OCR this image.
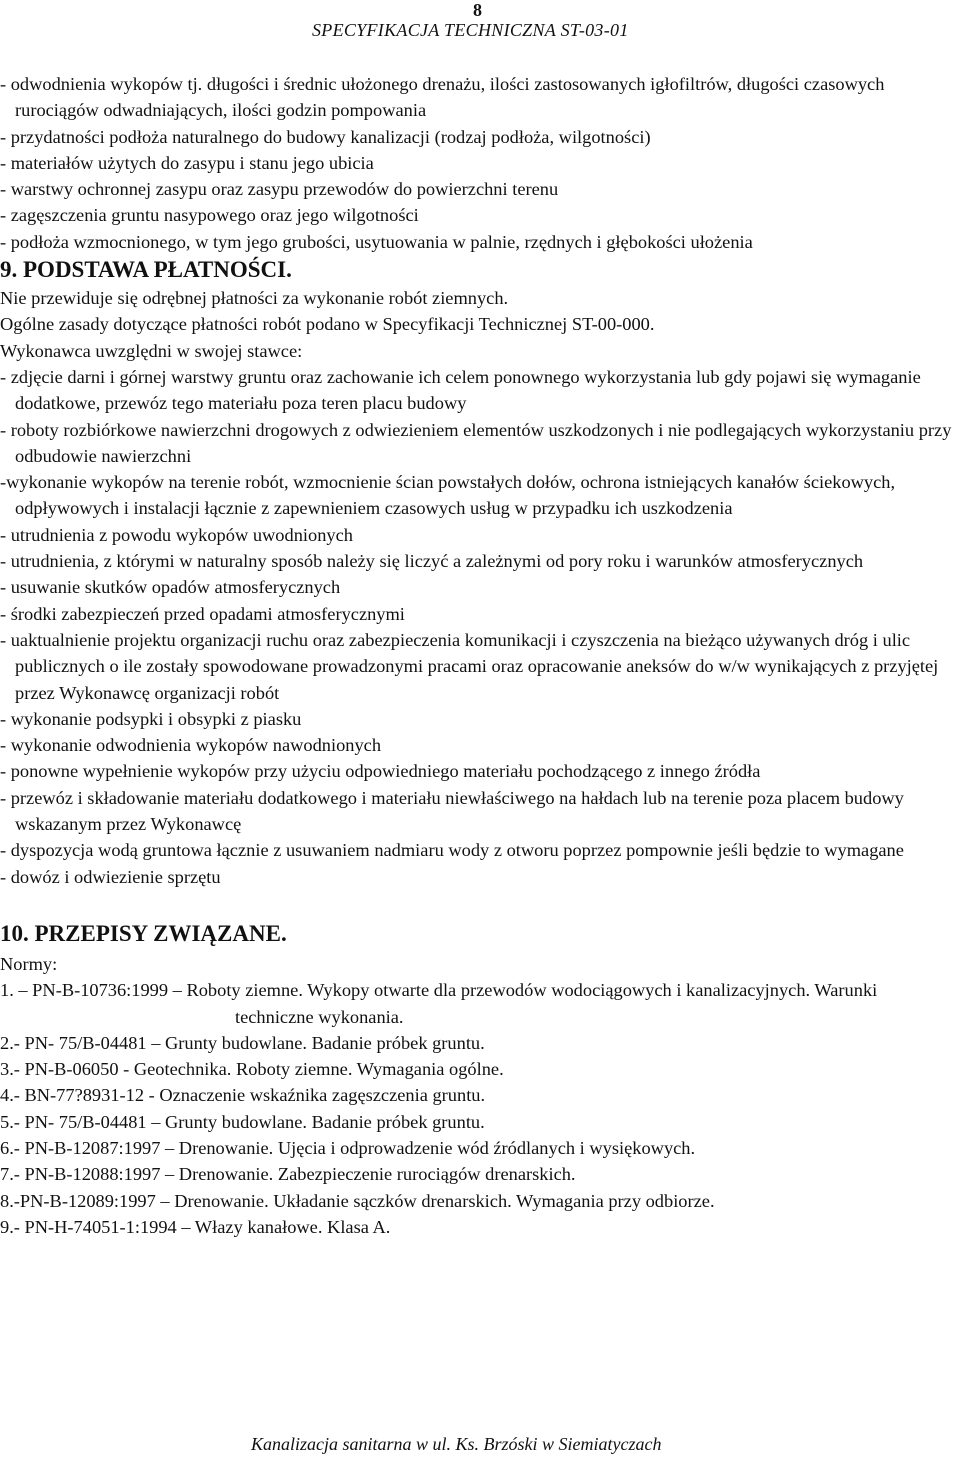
8
SPECYFIKACJA TECHNICZNA ST-03-01

- odwodnienia wykopów tj. długości i średnic ułożonego drenażu, ilości zastosowanych igłofiltrów, długości czasowych rurociągów odwadniających, ilości godzin pompowania

- przydatności podłoża naturalnego do budowy kanalizacji (rodzaj podłoża, wilgotności)

- materiałów użytych do zasypu i stanu jego ubicia

- warstwy ochronnej zasypu oraz zasypu przewodów do powierzchni terenu

- zagęszczenia gruntu nasypowego oraz jego wilgotności

- podłoża wzmocnionego, w tym jego grubości, usytuowania w palnie, rzędnych i głębokości ułożenia

9. PODSTAWA PŁATNOŚCI.

Nie przewiduje się odrębnej płatności za wykonanie robót ziemnych.

Ogólne zasady dotyczące płatności robót podano w Specyfikacji Technicznej ST-00-000.

Wykonawca uwzględni w swojej stawce:

- zdjęcie darni i górnej warstwy gruntu oraz zachowanie ich celem ponownego wykorzystania lub gdy pojawi się wymaganie dodatkowe, przewóz tego materiału poza teren placu budowy

- roboty rozbiórkowe nawierzchni drogowych z odwiezieniem elementów uszkodzonych i nie podlegających wykorzystaniu przy odbudowie nawierzchni

-wykonanie wykopów na terenie robót, wzmocnienie ścian powstałych dołów, ochrona istniejących kanałów ściekowych, odpływowych i instalacji łącznie z zapewnieniem czasowych usług w przypadku ich uszkodzenia

- utrudnienia z powodu wykopów uwodnionych

- utrudnienia, z którymi w naturalny sposób należy się liczyć a zależnymi od pory roku i warunków atmosferycznych

- usuwanie skutków opadów atmosferycznych

- środki zabezpieczeń przed opadami atmosferycznymi

- uaktualnienie projektu organizacji ruchu oraz zabezpieczenia komunikacji i czyszczenia na bieżąco używanych dróg i ulic publicznych o ile zostały spowodowane prowadzonymi pracami oraz opracowanie aneksów do w/w wynikających z przyjętej przez Wykonawcę organizacji robót

- wykonanie podsypki i obsypki z piasku

- wykonanie odwodnienia wykopów nawodnionych

- ponowne wypełnienie wykopów przy użyciu odpowiedniego materiału pochodzącego z innego źródła

- przewóz i składowanie materiału dodatkowego i materiału niewłaściwego na hałdach lub na terenie poza placem budowy wskazanym przez Wykonawcę

- dyspozycja wodą gruntowa łącznie z usuwaniem nadmiaru wody z otworu poprzez pompownie jeśli będzie to wymagane

- dowóz i odwiezienie sprzętu

10. PRZEPISY ZWIĄZANE.

Normy:

1. – PN-B-10736:1999 – Roboty ziemne. Wykopy otwarte dla przewodów wodociągowych i kanalizacyjnych. Warunki techniczne wykonania.

2.- PN- 75/B-04481 – Grunty budowlane. Badanie próbek gruntu.

3.- PN-B-06050 - Geotechnika. Roboty ziemne. Wymagania ogólne.

4.- BN-77?8931-12 - Oznaczenie wskaźnika zagęszczenia gruntu.

5.- PN- 75/B-04481 – Grunty budowlane. Badanie próbek gruntu.

6.- PN-B-12087:1997 – Drenowanie. Ujęcia i odprowadzenie wód źródlanych i wysiękowych.

7.- PN-B-12088:1997 – Drenowanie. Zabezpieczenie rurociągów drenarskich.

8.-PN-B-12089:1997 – Drenowanie. Układanie sączków drenarskich. Wymagania przy odbiorze.

9.- PN-H-74051-1:1994 – Włazy kanałowe. Klasa A.

Kanalizacja sanitarna w ul. Ks. Brzóski w Siemiatyczach
